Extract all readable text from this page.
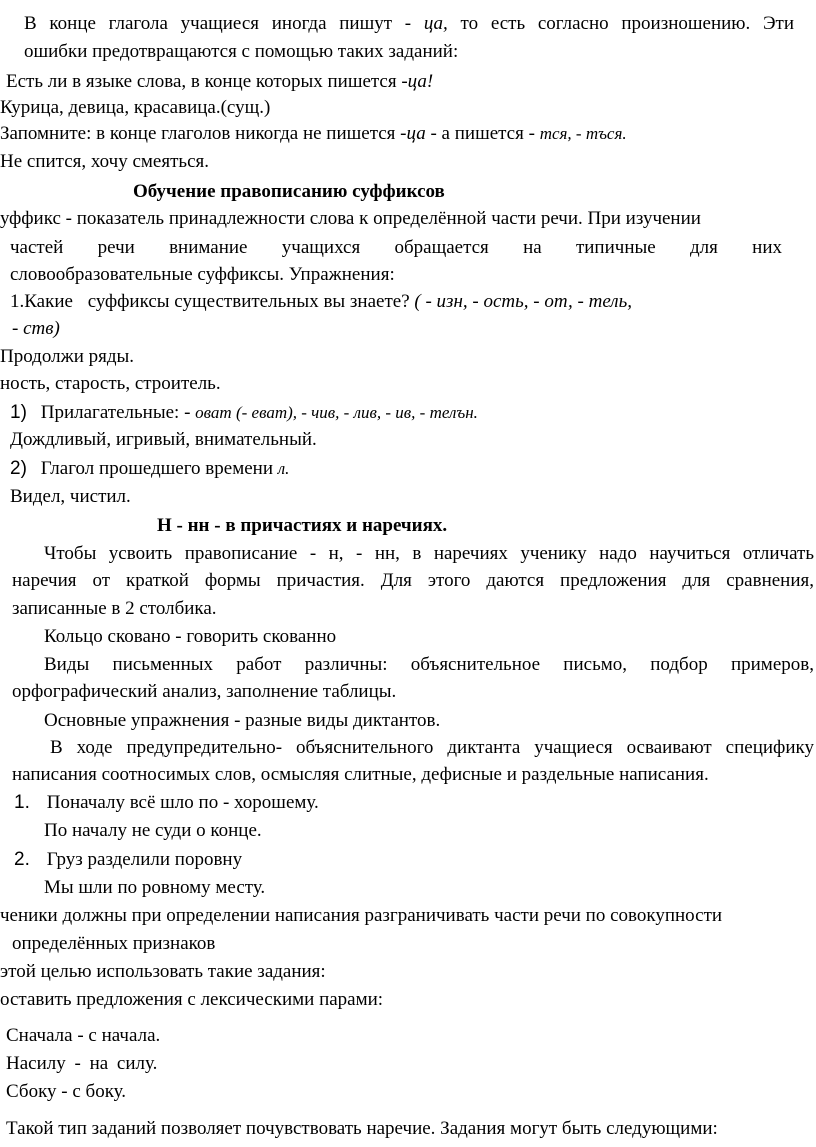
В конце глагола учащиеся иногда пишут - ца, то есть согласно произношению. Эти
ошибки предотвращаются с помощью таких заданий:
Есть ли в языке слова, в конце которых пишется -ца!
Курица, девица, красавица.(сущ.)
Запомните: в конце глаголов никогда не пишется -ца - а пишется - тся, - тъся.
Не спится, хочу смеяться.
Обучение правописанию суффиксов
уффикс - показатель принадлежности слова к определённой части речи. При изучении
частей речи внимание учащихся обращается на типичные для них
словообразовательные суффиксы. Упражнения:
1.Какие суффиксы существительных вы знаете? ( - изн, - ость, - от, - тель,
- ств)
Продолжи ряды.
ность, старость, строитель.
1) Прилагательные: - оват (- еват), - чив, - лив, - ив, - телън.
Дождливый, игривый, внимательный.
2) Глагол прошедшего времени л.
Видел, чистил.
Н - нн - в причастиях и наречиях.
Чтобы усвоить правописание - н, - нн, в наречиях ученику надо научиться отличать
наречия от краткой формы причастия. Для этого даются предложения для сравнения,
записанные в 2 столбика.
Кольцо сковано - говорить скованно
Виды письменных работ различны: объяснительное письмо, подбор примеров,
орфографический анализ, заполнение таблицы.
Основные упражнения - разные виды диктантов.
В ходе предупредительно- объяснительного диктанта учащиеся осваивают специфику
написания соотносимых слов, осмысляя слитные, дефисные и раздельные написания.
1. Поначалу всё шло по - хорошему.
По началу не суди о конце.
2. Груз разделили поровну
Мы шли по ровному месту.
ченики должны при определении написания разграничивать части речи по совокупности
определённых признаков
этой целью использовать такие задания:
оставить предложения с лексическими парами:
Сначала - с начала.
Насилу - на силу.
Сбоку - с боку.
Такой тип заданий позволяет почувствовать наречие. Задания могут быть следующими:
